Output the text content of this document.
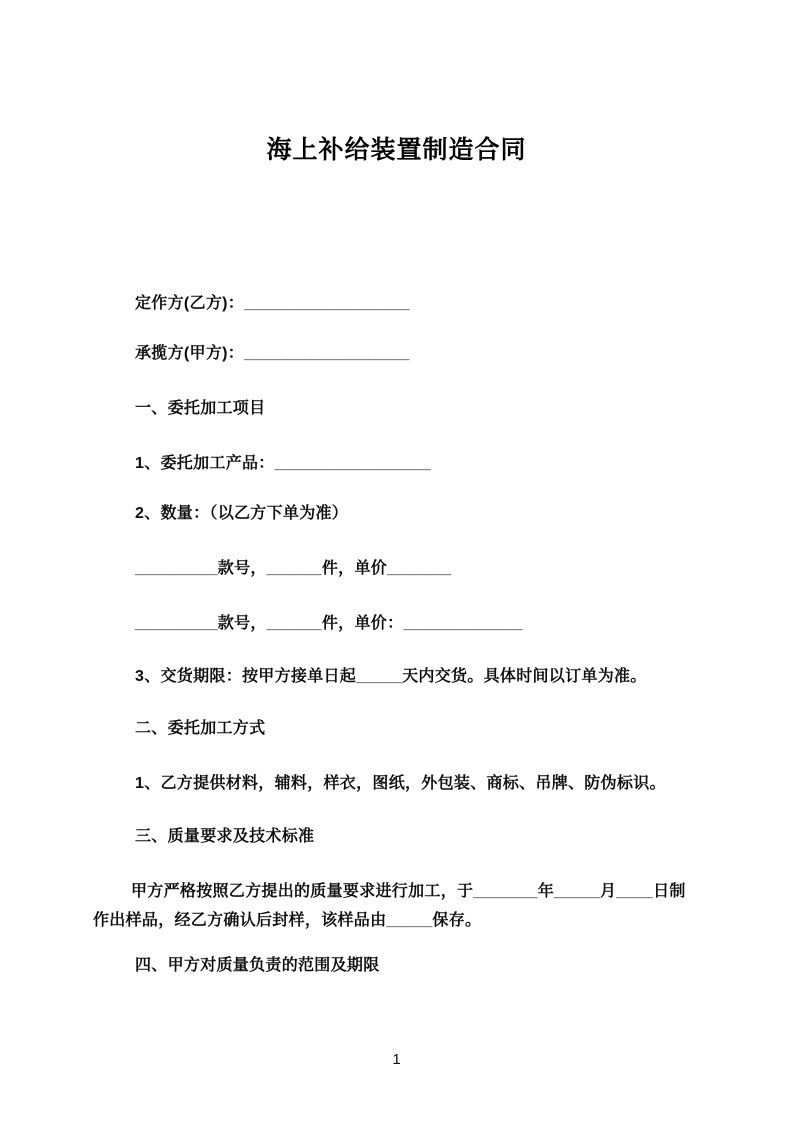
海上补给装置制造合同
定作方(乙方)：__________________
承揽方(甲方)：__________________
一、委托加工项目
1、委托加工产品：_________________
2、数量：（以乙方下单为准）
_________款号，______件，单价_______
_________款号，______件，单价：_____________
3、交货期限：按甲方接单日起_____天内交货。具体时间以订单为准。
二、委托加工方式
1、乙方提供材料，辅料，样衣，图纸，外包装、商标、吊牌、防伪标识。
三、质量要求及技术标准
甲方严格按照乙方提出的质量要求进行加工，于_______年_____月____日制
作出样品，经乙方确认后封样，该样品由_____保存。
四、甲方对质量负责的范围及期限
1
